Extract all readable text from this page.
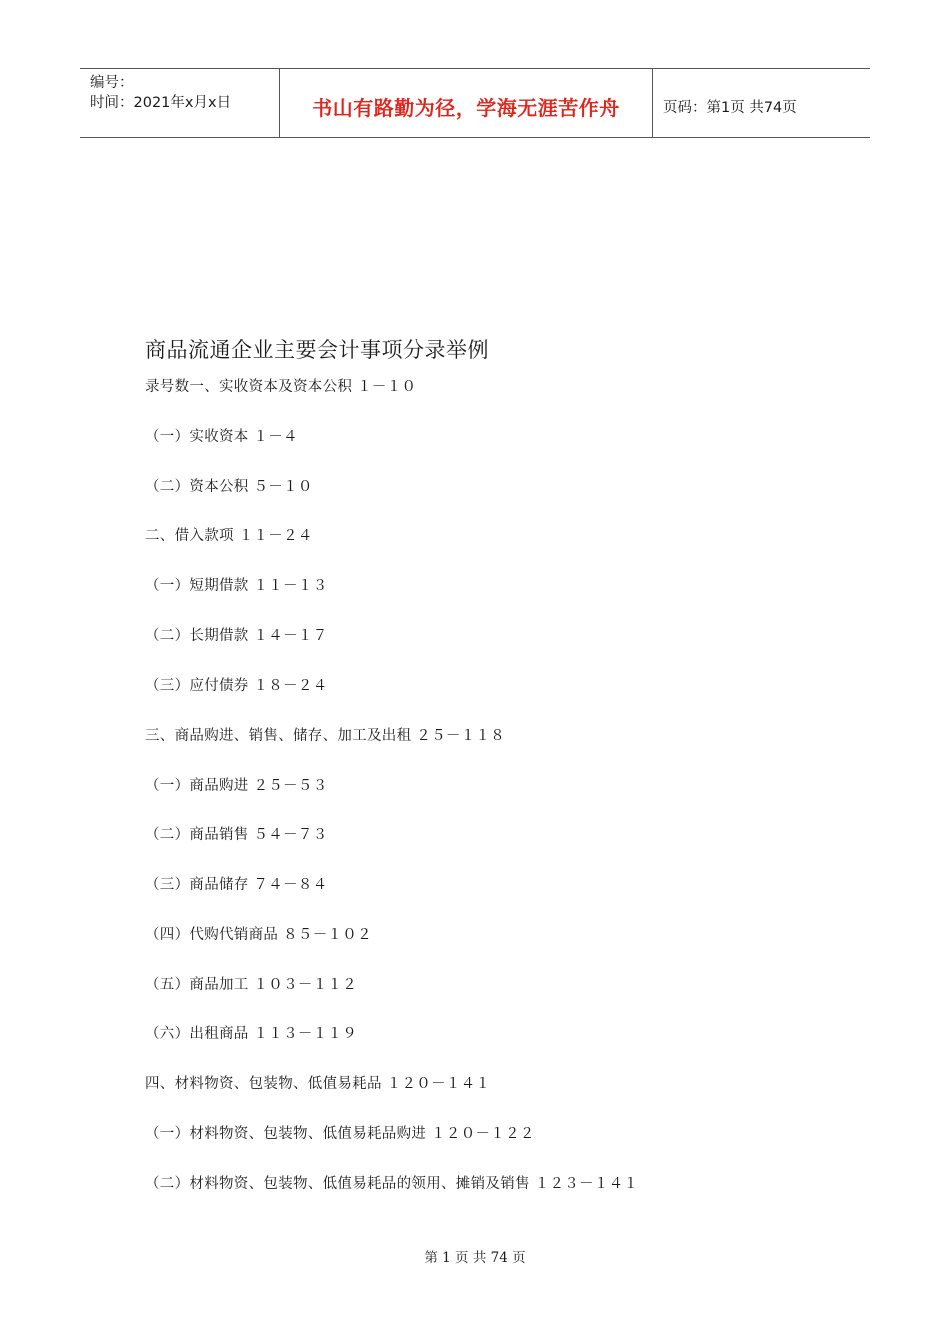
编号：
时间：2021年x月x日	书山有路勤为径，学海无涯苦作舟	页码：第1页 共74页
商品流通企业主要会计事项分录举例
录号数一、实收资本及资本公积 １－１０
（一）实收资本 １－４
（二）资本公积 ５－１０
二、借入款项 １１－２４
（一）短期借款 １１－１３
（二）长期借款 １４－１７
（三）应付债券 １８－２４
三、商品购进、销售、储存、加工及出租 ２５－１１８
（一）商品购进 ２５－５３
（二）商品销售 ５４－７３
（三）商品储存 ７４－８４
（四）代购代销商品 ８５－１０２
（五）商品加工 １０３－１１２
（六）出租商品 １１３－１１９
四、材料物资、包装物、低值易耗品 １２０－１４１
（一）材料物资、包装物、低值易耗品购进 １２０－１２２
（二）材料物资、包装物、低值易耗品的领用、摊销及销售 １２３－１４１
第 1 页 共 74 页
